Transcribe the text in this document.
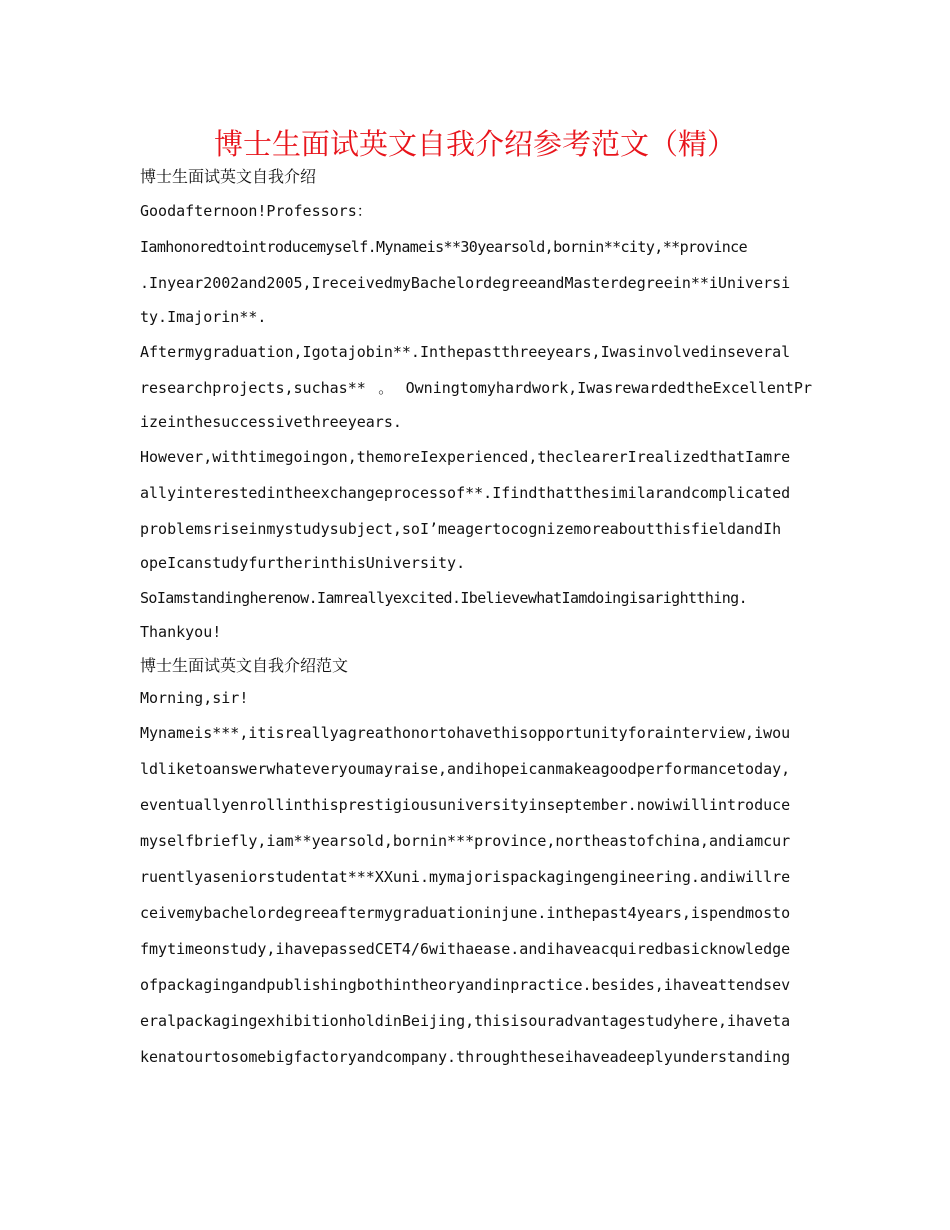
博士生面试英文自我介绍参考范文（精）
博士生面试英文自我介绍
Goodafternoon!Professors：
Iamhonoredtointroducemyself.Mynameis**30yearsold,bornin**city,**province
.Inyear2002and2005,IreceivedmyBachelordegreeandMasterdegreein**iUniversi
ty.Imajorin**.
Aftermygraduation,Igotajobin**.Inthepastthreeyears,Iwasinvolvedinseveral
researchprojects,suchas**。Owningtomyhardwork,IwasrewardedtheExcellentPr
izeinthesuccessivethreeyears.
However,withtimegoingon,themoreIexperienced,theclearerIrealizedthatIamre
allyinterestedintheexchangeprocessof**.Ifindthatthesimilarandcomplicated
problemsriseinmystudysubject,soI’meagertocognizemoreaboutthisfieldandIh
opeIcanstudyfurtherinthisUniversity.
SoIamstandingherenow.Iamreallyexcited.IbelievewhatIamdoingisarightthing.
Thankyou!
博士生面试英文自我介绍范文
Morning,sir!
Mynameis***,itisreallyagreathonortohavethisopportunityforainterview,iwou
ldliketoanswerwhateveryoumayraise,andihopeicanmakeagoodperformancetoday,
eventuallyenrollinthisprestigiousuniversityinseptember.nowiwillintroduce
myselfbriefly,iam**yearsold,bornin***province,northeastofchina,andiamcur
ruentlyaseniorstudentat***XXuni.mymajorispackagingengineering.andiwillre
ceivemybachelordegreeaftermygraduationinjune.inthepast4years,ispendmosto
fmytimeonstudy,ihavepassedCET4/6withaease.andihaveacquiredbasicknowledge
ofpackagingandpublishingbothintheoryandinpractice.besides,ihaveattendsev
eralpackagingexhibitionholdinBeijing,thisisouradvantagestudyhere,ihaveta
kenatourtosomebigfactoryandcompany.throughtheseihaveadeeplyunderstanding
